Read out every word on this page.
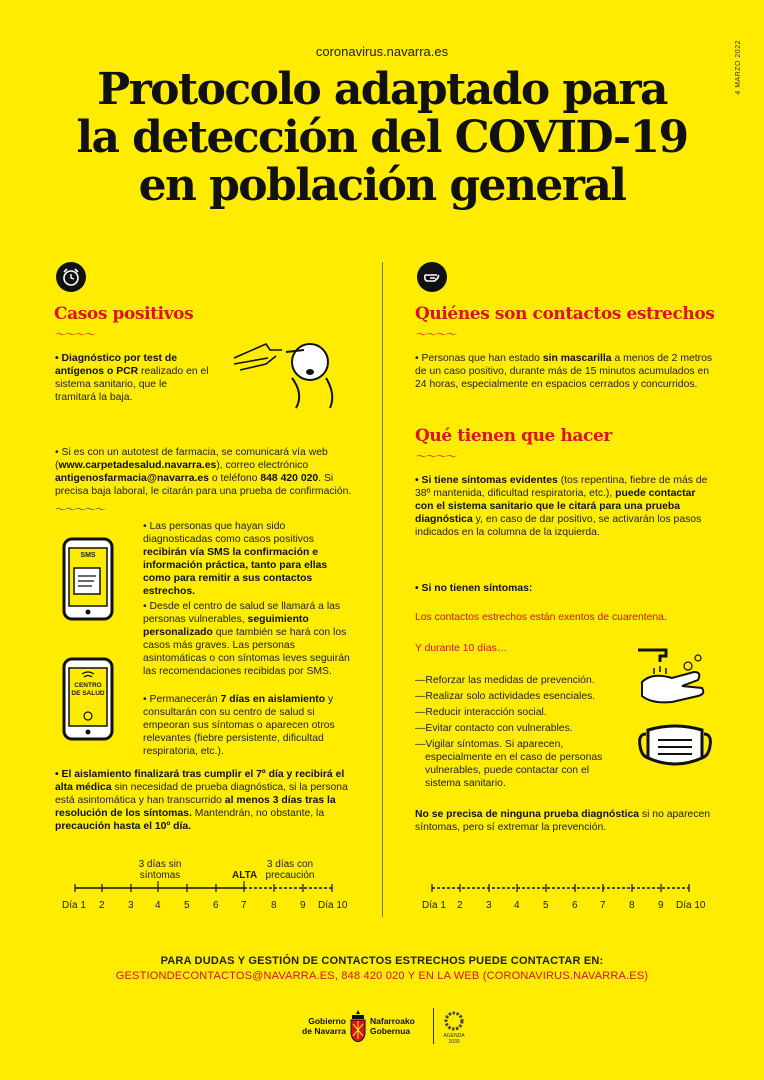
coronavirus.navarra.es	4 MARZO 2022
Protocolo adaptado para
la detección del COVID-19
en población general
Casos positivos
〜〜〜〜
• Diagnóstico por test de antígenos o PCR realizado en el sistema sanitario, que le tramitará la baja.
• Si es con un autotest de farmacia, se comunicará vía web (www.carpetadesalud.navarra.es), correo electrónico antigenosfarmacia@navarra.es o teléfono 848 420 020. Si precisa baja laboral, le citarán para una prueba de confirmación.
〜〜〜〜〜
SMS
CENTRO DE SALUD
• Las personas que hayan sido diagnosticadas como casos positivos recibirán vía SMS la confirmación e información práctica, tanto para ellas como para remitir a sus contactos estrechos.
• Desde el centro de salud se llamará a las personas vulnerables, seguimiento personalizado que también se hará con los casos más graves. Las personas asintomáticas o con síntomas leves seguirán las recomendaciones recibidas por SMS.
• Permanecerán 7 días en aislamiento y consultarán con su centro de salud si empeoran sus síntomas o aparecen otros relevantes (fiebre persistente, dificultad respiratoria, etc.).
• El aislamiento finalizará tras cumplir el 7º día y recibirá el alta médica sin necesidad de prueba diagnóstica, si la persona está asintomática y han transcurrido al menos 3 días tras la resolución de los síntomas. Mantendrán, no obstante, la precaución hasta el 10º día.
3 días sin síntomas	ALTA
3 días con precaución
Día 1 2 3 4 5 6 7 8 9 Día 10
Quiénes son contactos estrechos
〜〜〜〜
• Personas que han estado sin mascarilla a menos de 2 metros de un caso positivo, durante más de 15 minutos acumulados en 24 horas, especialmente en espacios cerrados y concurridos.
Qué tienen que hacer
〜〜〜〜
• Si tiene síntomas evidentes (tos repentina, fiebre de más de 38º mantenida, dificultad respiratoria, etc.), puede contactar con el sistema sanitario que le citará para una prueba diagnóstica y, en caso de dar positivo, se activarán los pasos indicados en la columna de la izquierda.
• Si no tienen síntomas:
Los contactos estrechos están exentos de cuarentena.
Y durante 10 días…
—Reforzar las medidas de prevención.
—Realizar solo actividades esenciales.
—Reducir interacción social.
—Evitar contacto con vulnerables.
—Vigilar síntomas. Si aparecen, especialmente en el caso de personas vulnerables, puede contactar con el sistema sanitario.
No se precisa de ninguna prueba diagnóstica si no aparecen síntomas, pero sí extremar la prevención.
Día 1 2 3 4 5 6 7 8 9 Día 10
PARA DUDAS Y GESTIÓN DE CONTACTOS ESTRECHOS PUEDE CONTACTAR EN:
GESTIONDECONTACTOS@NAVARRA.ES, 848 420 020 Y EN LA WEB (CORONAVIRUS.NAVARRA.ES)
Gobierno
de Navarra
Nafarroako
Gobernua	AGENDA
2030
